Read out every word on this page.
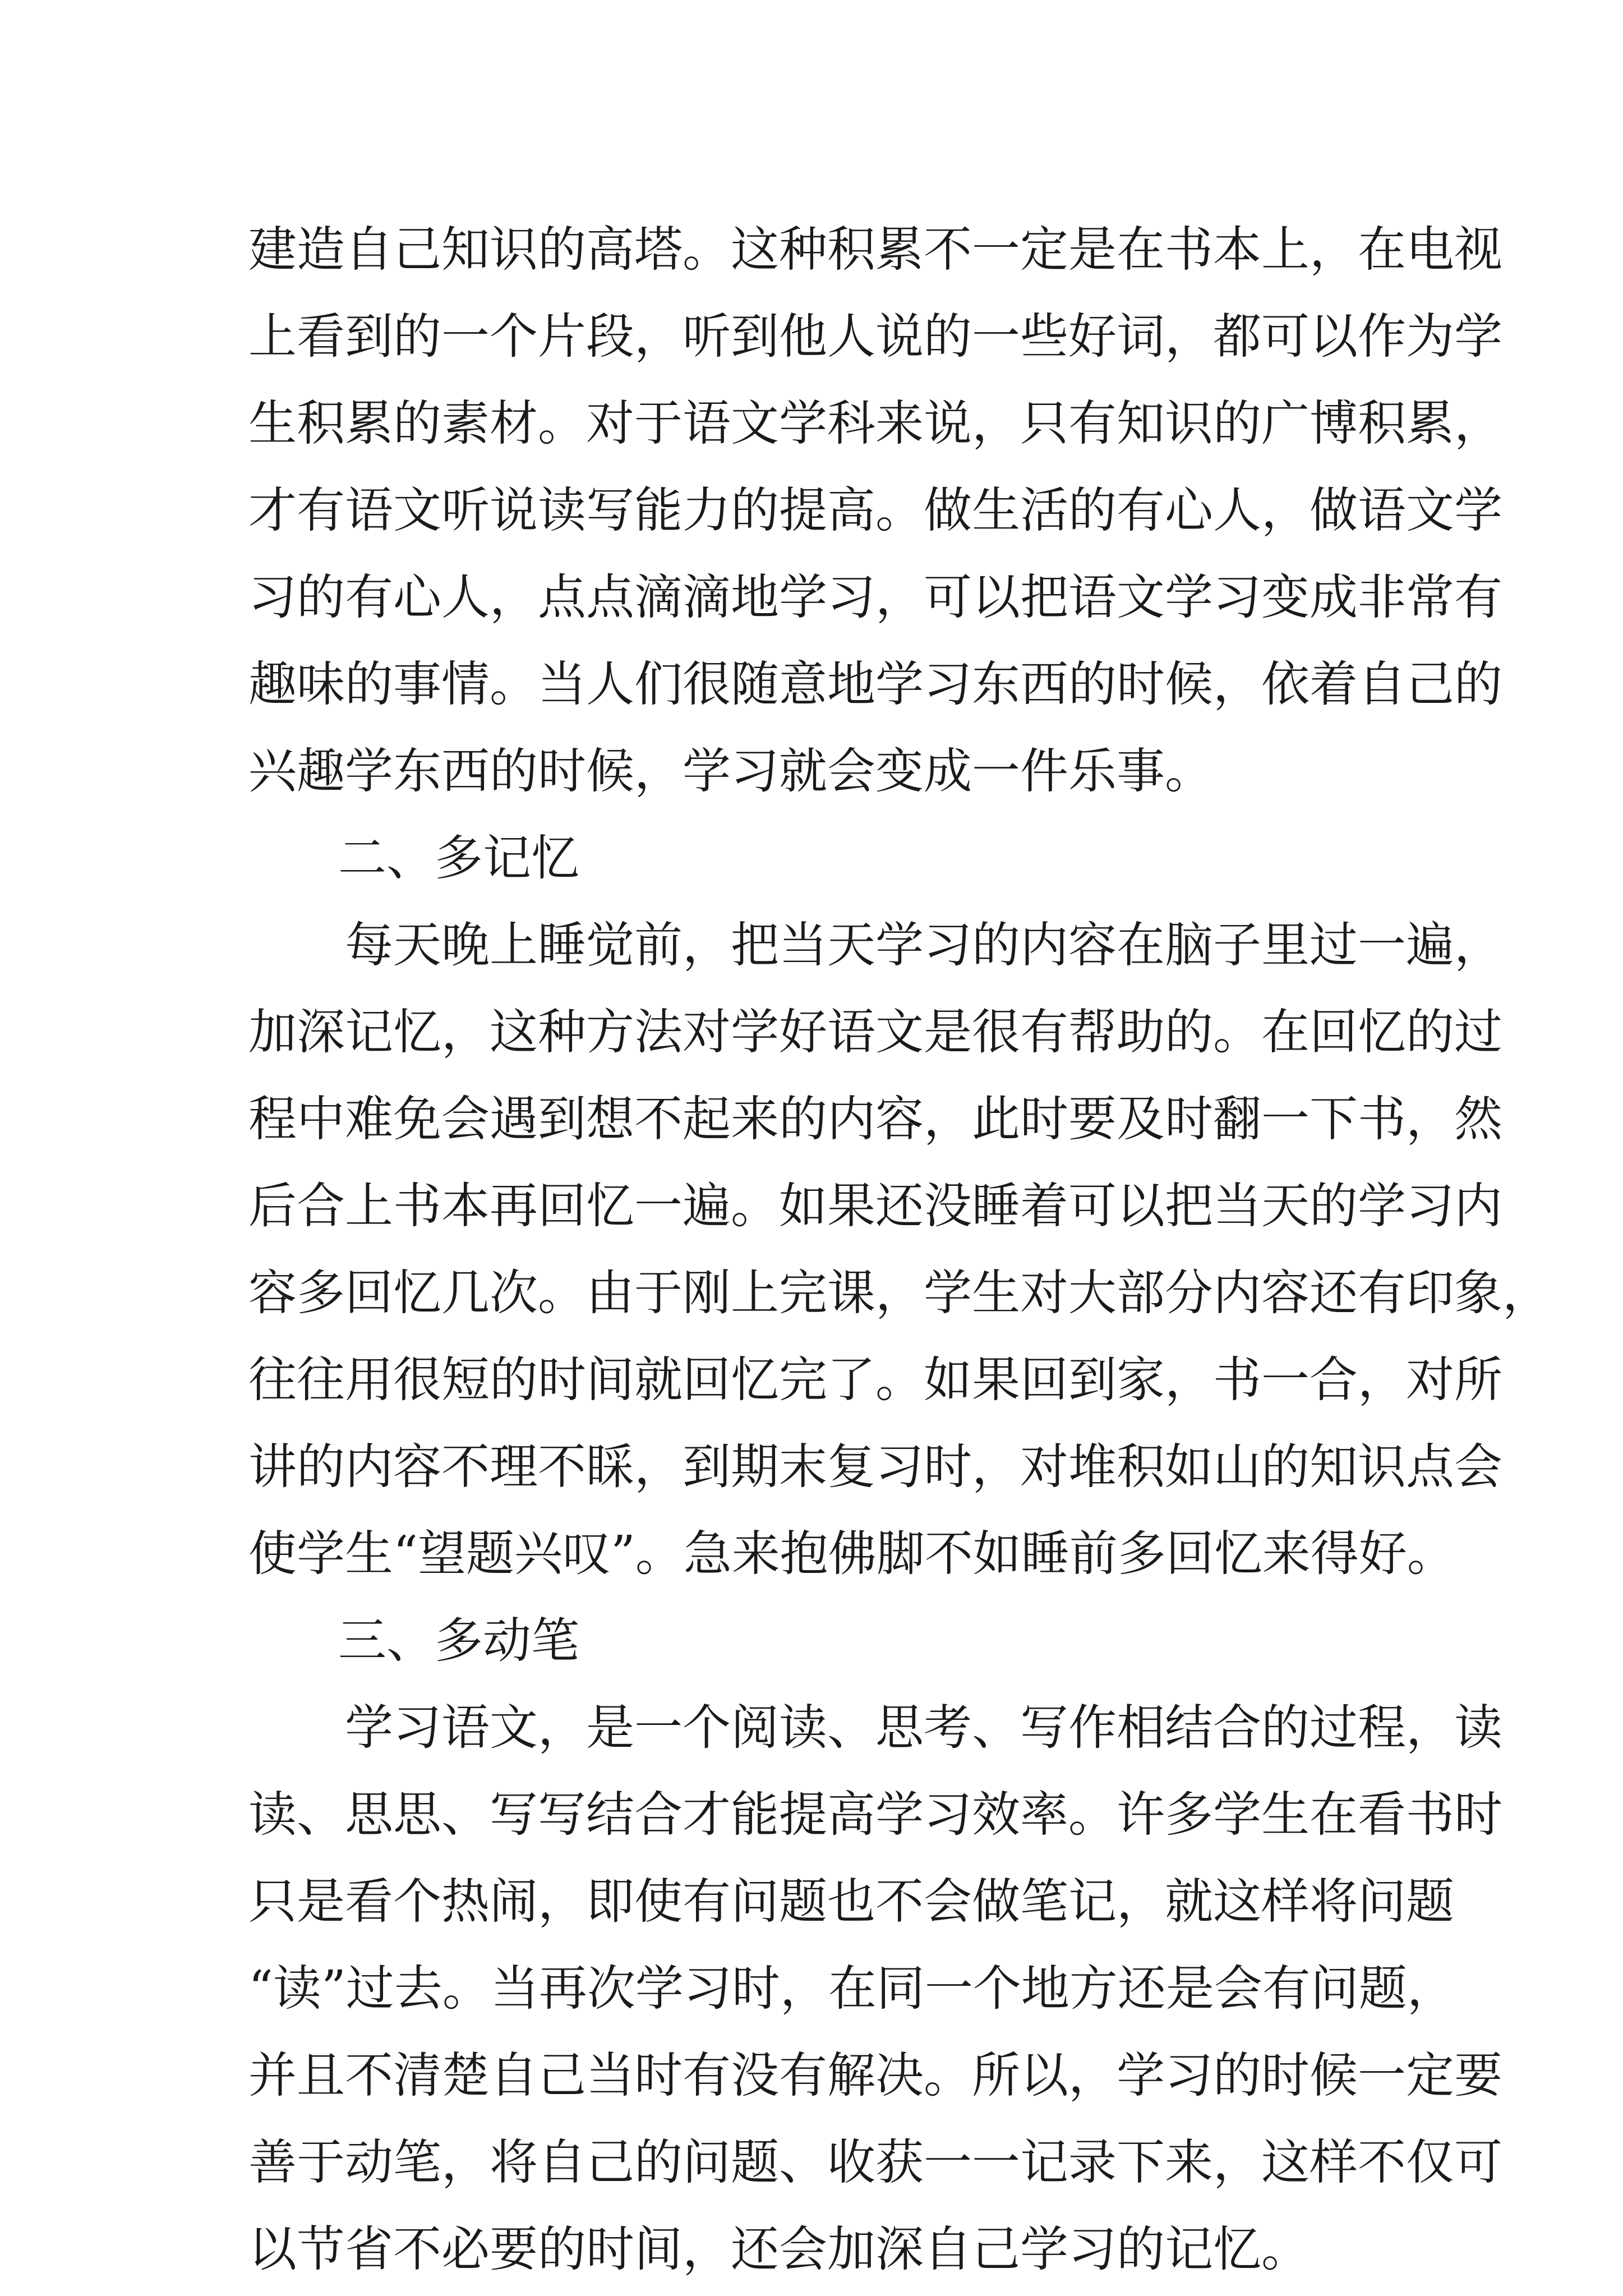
建造自己知识的高塔。这种积累不一定是在书本上，在电视
上看到的一个片段，听到他人说的一些好词，都可以作为学
生积累的素材。对于语文学科来说，只有知识的广博积累，
才有语文听说读写能力的提高。做生活的有心人，做语文学
习的有心人，点点滴滴地学习，可以把语文学习变成非常有
趣味的事情。当人们很随意地学习东西的时候，依着自己的
兴趣学东西的时候，学习就会变成一件乐事。
二、多记忆
　　每天晚上睡觉前，把当天学习的内容在脑子里过一遍，
加深记忆，这种方法对学好语文是很有帮助的。在回忆的过
程中难免会遇到想不起来的内容，此时要及时翻一下书，然
后合上书本再回忆一遍。如果还没睡着可以把当天的学习内
容多回忆几次。由于刚上完课，学生对大部分内容还有印象，
往往用很短的时间就回忆完了。如果回到家，书一合，对所
讲的内容不理不睬，到期末复习时，对堆积如山的知识点会
使学生“望题兴叹”。急来抱佛脚不如睡前多回忆来得好。
三、多动笔
　　学习语文，是一个阅读、思考、写作相结合的过程，读
读、思思、写写结合才能提高学习效率。许多学生在看书时
只是看个热闹，即使有问题也不会做笔记，就这样将问题
“读”过去。当再次学习时，在同一个地方还是会有问题，
并且不清楚自己当时有没有解决。所以，学习的时候一定要
善于动笔，将自己的问题、收获一一记录下来，这样不仅可
以节省不必要的时间，还会加深自己学习的记忆。
